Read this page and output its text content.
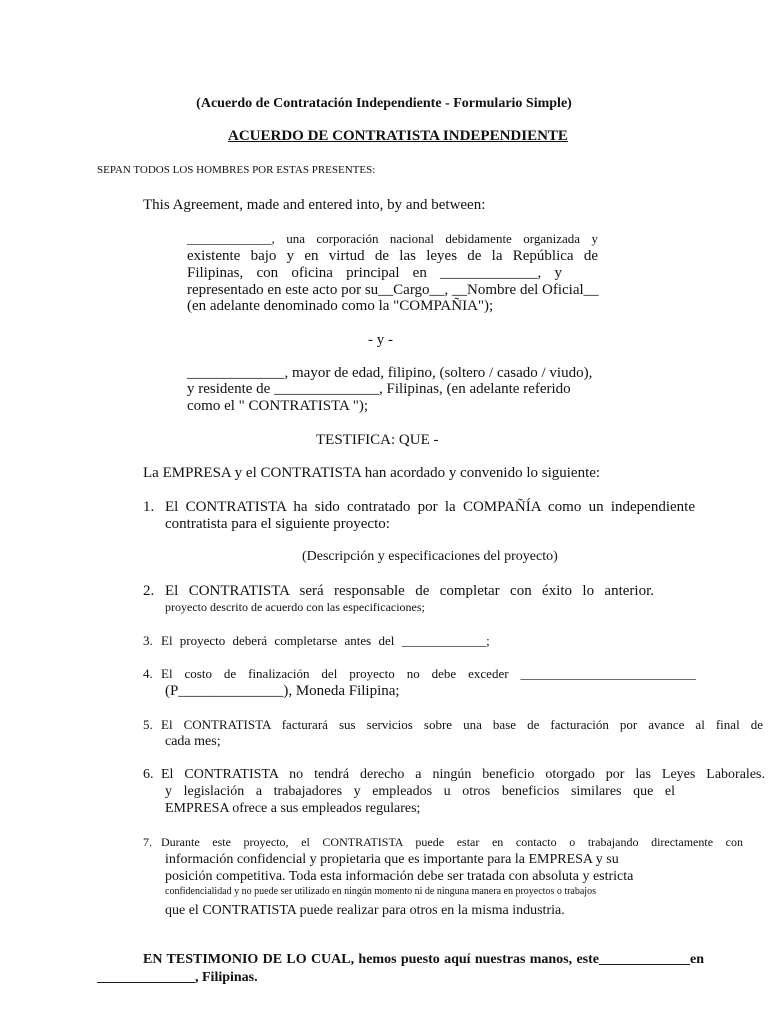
(Acuerdo de Contratación Independiente - Formulario Simple)

ACUERDO DE CONTRATISTA INDEPENDIENTE

SEPAN TODOS LOS HOMBRES POR ESTAS PRESENTES:

This Agreement, made and entered into, by and between:

_____________, una corporación nacional debidamente organizada y

existente bajo y en virtud de las leyes de la República de

Filipinas, con oficina principal en _____________, y

representado en este acto por su__Cargo__, __Nombre del Oficial__

(en adelante denominado como la "COMPAÑIA");

- y -

_____________, mayor de edad, filipino, (soltero / casado / viudo),

y residente de ______________, Filipinas, (en adelante referido

como el " CONTRATISTA ");

TESTIFICA: QUE -

La EMPRESA y el CONTRATISTA han acordado y convenido lo siguiente:

1. El CONTRATISTA ha sido contratado por la COMPAÑÍA como un independiente

contratista para el siguiente proyecto:

(Descripción y especificaciones del proyecto)

2. El CONTRATISTA será responsable de completar con éxito lo anterior.

proyecto descrito de acuerdo con las especificaciones;

3. El proyecto deberá completarse antes del _____________;

4. El costo de finalización del proyecto no debe exceder ___________________________

(P______________), Moneda Filipina;

5. El CONTRATISTA facturará sus servicios sobre una base de facturación por avance al final de

cada mes;

6. El CONTRATISTA no tendrá derecho a ningún beneficio otorgado por las Leyes Laborales.

y legislación a trabajadores y empleados u otros beneficios similares que el

EMPRESA ofrece a sus empleados regulares;

7. Durante este proyecto, el CONTRATISTA puede estar en contacto o trabajando directamente con

información confidencial y propietaria que es importante para la EMPRESA y su

posición competitiva. Toda esta información debe ser tratada con absoluta y estricta

confidencialidad y no puede ser utilizado en ningún momento ni de ninguna manera en proyectos o trabajos

que el CONTRATISTA puede realizar para otros en la misma industria.

EN TESTIMONIO DE LO CUAL, hemos puesto aquí nuestras manos, este_____________en

______________, Filipinas.
